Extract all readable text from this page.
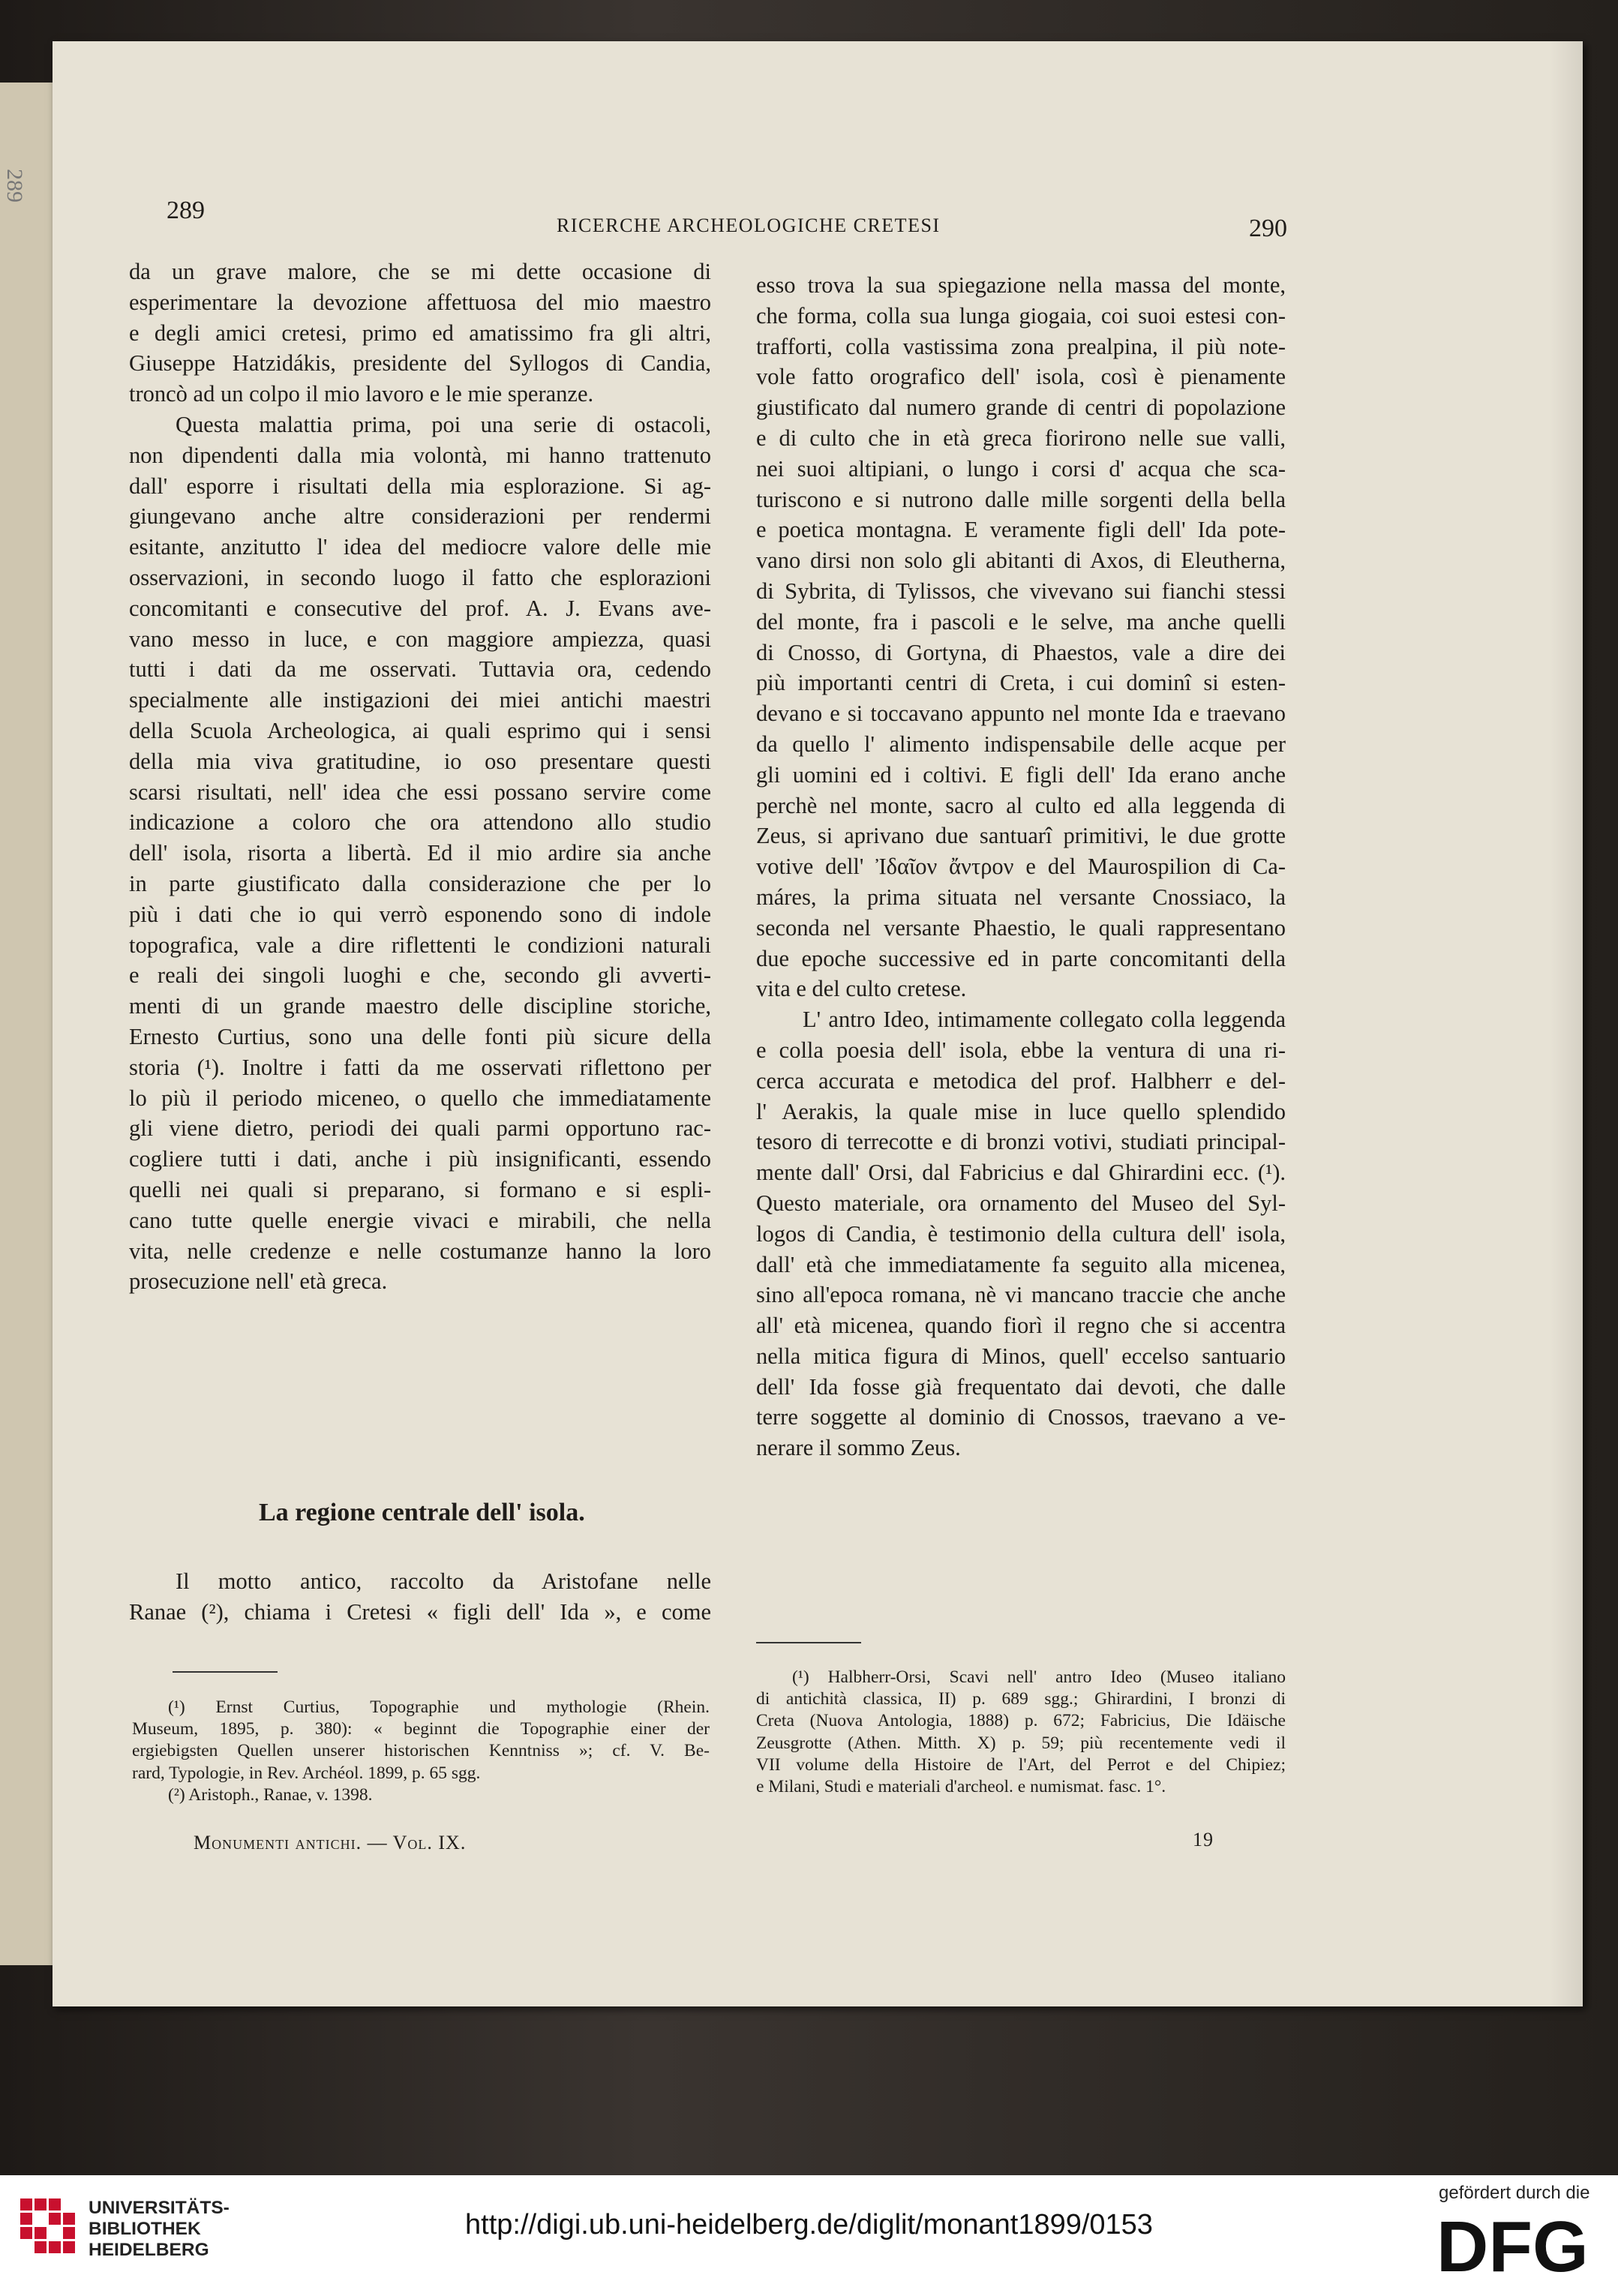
289
289
RICERCHE ARCHEOLOGICHE CRETESI	290
da un grave malore, che se mi dette occasione di
esperimentare la devozione affettuosa del mio maestro
e degli amici cretesi, primo ed amatissimo fra gli altri,
Giuseppe Hatzidákis, presidente del Syllogos di Candia,
troncò ad un colpo il mio lavoro e le mie speranze.
Questa malattia prima, poi una serie di ostacoli,
non dipendenti dalla mia volontà, mi hanno trattenuto
dall' esporre i risultati della mia esplorazione. Si ag-
giungevano anche altre considerazioni per rendermi
esitante, anzitutto l' idea del mediocre valore delle mie
osservazioni, in secondo luogo il fatto che esplorazioni
concomitanti e consecutive del prof. A. J. Evans ave-
vano messo in luce, e con maggiore ampiezza, quasi
tutti i dati da me osservati. Tuttavia ora, cedendo
specialmente alle instigazioni dei miei antichi maestri
della Scuola Archeologica, ai quali esprimo qui i sensi
della mia viva gratitudine, io oso presentare questi
scarsi risultati, nell' idea che essi possano servire come
indicazione a coloro che ora attendono allo studio
dell' isola, risorta a libertà. Ed il mio ardire sia anche
in parte giustificato dalla considerazione che per lo
più i dati che io qui verrò esponendo sono di indole
topografica, vale a dire riflettenti le condizioni naturali
e reali dei singoli luoghi e che, secondo gli avverti-
menti di un grande maestro delle discipline storiche,
Ernesto Curtius, sono una delle fonti più sicure della
storia (¹). Inoltre i fatti da me osservati riflettono per
lo più il periodo miceneo, o quello che immediatamente
gli viene dietro, periodi dei quali parmi opportuno rac-
cogliere tutti i dati, anche i più insignificanti, essendo
quelli nei quali si preparano, si formano e si espli-
cano tutte quelle energie vivaci e mirabili, che nella
vita, nelle credenze e nelle costumanze hanno la loro
prosecuzione nell' età greca.
La regione centrale dell' isola.
Il motto antico, raccolto da Aristofane nelle
Ranae (²), chiama i Cretesi « figli dell' Ida », e come
esso trova la sua spiegazione nella massa del monte,
che forma, colla sua lunga giogaia, coi suoi estesi con-
trafforti, colla vastissima zona prealpina, il più note-
vole fatto orografico dell' isola, così è pienamente
giustificato dal numero grande di centri di popolazione
e di culto che in età greca fiorirono nelle sue valli,
nei suoi altipiani, o lungo i corsi d' acqua che sca-
turiscono e si nutrono dalle mille sorgenti della bella
e poetica montagna. E veramente figli dell' Ida pote-
vano dirsi non solo gli abitanti di Axos, di Eleutherna,
di Sybrita, di Tylissos, che vivevano sui fianchi stessi
del monte, fra i pascoli e le selve, ma anche quelli
di Cnosso, di Gortyna, di Phaestos, vale a dire dei
più importanti centri di Creta, i cui dominî si esten-
devano e si toccavano appunto nel monte Ida e traevano
da quello l' alimento indispensabile delle acque per
gli uomini ed i coltivi. E figli dell' Ida erano anche
perchè nel monte, sacro al culto ed alla leggenda di
Zeus, si aprivano due santuarî primitivi, le due grotte
votive dell' Ἰδαῖον ἄντρον e del Maurospilion di Ca-
máres, la prima situata nel versante Cnossiaco, la
seconda nel versante Phaestio, le quali rappresentano
due epoche successive ed in parte concomitanti della
vita e del culto cretese.
L' antro Ideo, intimamente collegato colla leggenda
e colla poesia dell' isola, ebbe la ventura di una ri-
cerca accurata e metodica del prof. Halbherr e del-
l' Aerakis, la quale mise in luce quello splendido
tesoro di terrecotte e di bronzi votivi, studiati principal-
mente dall' Orsi, dal Fabricius e dal Ghirardini ecc. (¹).
Questo materiale, ora ornamento del Museo del Syl-
logos di Candia, è testimonio della cultura dell' isola,
dall' età che immediatamente fa seguito alla micenea,
sino all'epoca romana, nè vi mancano traccie che anche
all' età micenea, quando fiorì il regno che si accentra
nella mitica figura di Minos, quell' eccelso santuario
dell' Ida fosse già frequentato dai devoti, che dalle
terre soggette al dominio di Cnossos, traevano a ve-
nerare il sommo Zeus.
(¹) Ernst Curtius, Topographie und mythologie (Rhein.
Museum, 1895, p. 380): « beginnt die Topographie einer der
ergiebigsten Quellen unserer historischen Kenntniss »; cf. V. Be-
rard, Typologie, in Rev. Archéol. 1899, p. 65 sgg.
(²) Aristoph., Ranae, v. 1398.
(¹) Halbherr-Orsi, Scavi nell' antro Ideo (Museo italiano
di antichità classica, II) p. 689 sgg.; Ghirardini, I bronzi di
Creta (Nuova Antologia, 1888) p. 672; Fabricius, Die Idäische
Zeusgrotte (Athen. Mitth. X) p. 59; più recentemente vedi il
VII volume della Histoire de l'Art, del Perrot e del Chipiez;
e Milani, Studi e materiali d'archeol. e numismat. fasc. 1°.
Monumenti antichi. — Vol. IX.	19
UNIVERSITÄTS-
BIBLIOTHEK
HEIDELBERG
http://digi.ub.uni-heidelberg.de/diglit/monant1899/0153
gefördert durch die
DFG
